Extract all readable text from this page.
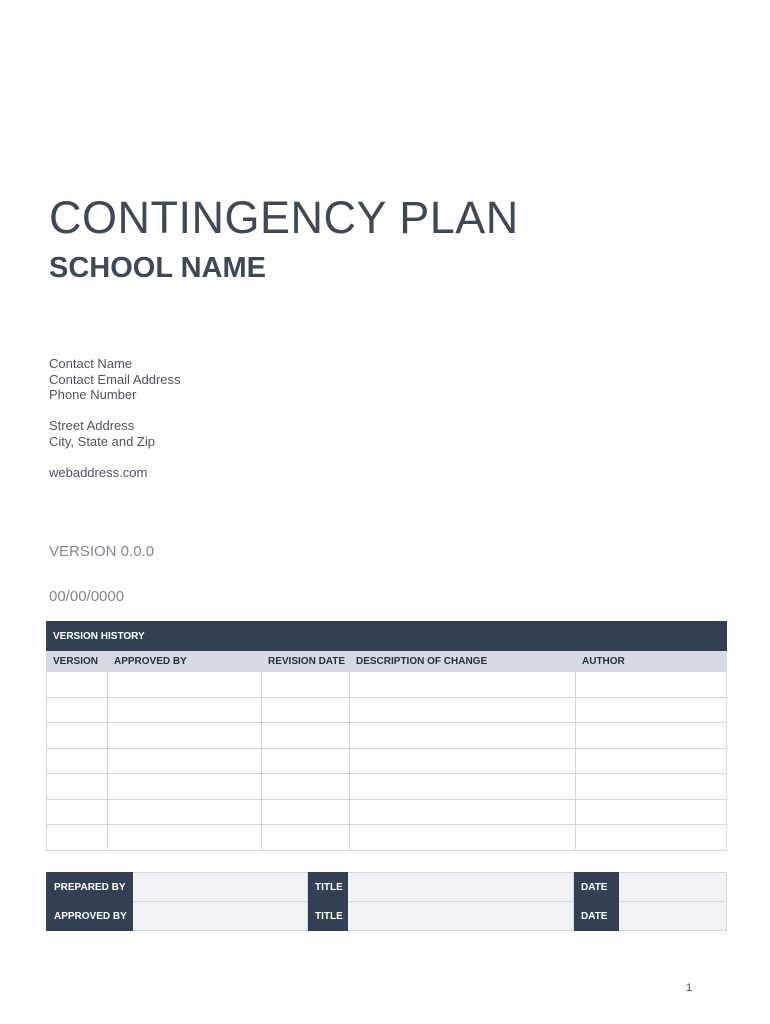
CONTINGENCY PLAN
SCHOOL NAME
Contact Name
Contact Email Address
Phone Number
Street Address
City, State and Zip
webaddress.com
VERSION 0.0.0
00/00/0000
VERSION HISTORY				
VERSION	APPROVED BY	REVISION DATE	DESCRIPTION OF CHANGE	AUTHOR

PREPARED BY		TITLE		DATE	
APPROVED BY		TITLE		DATE	
1
